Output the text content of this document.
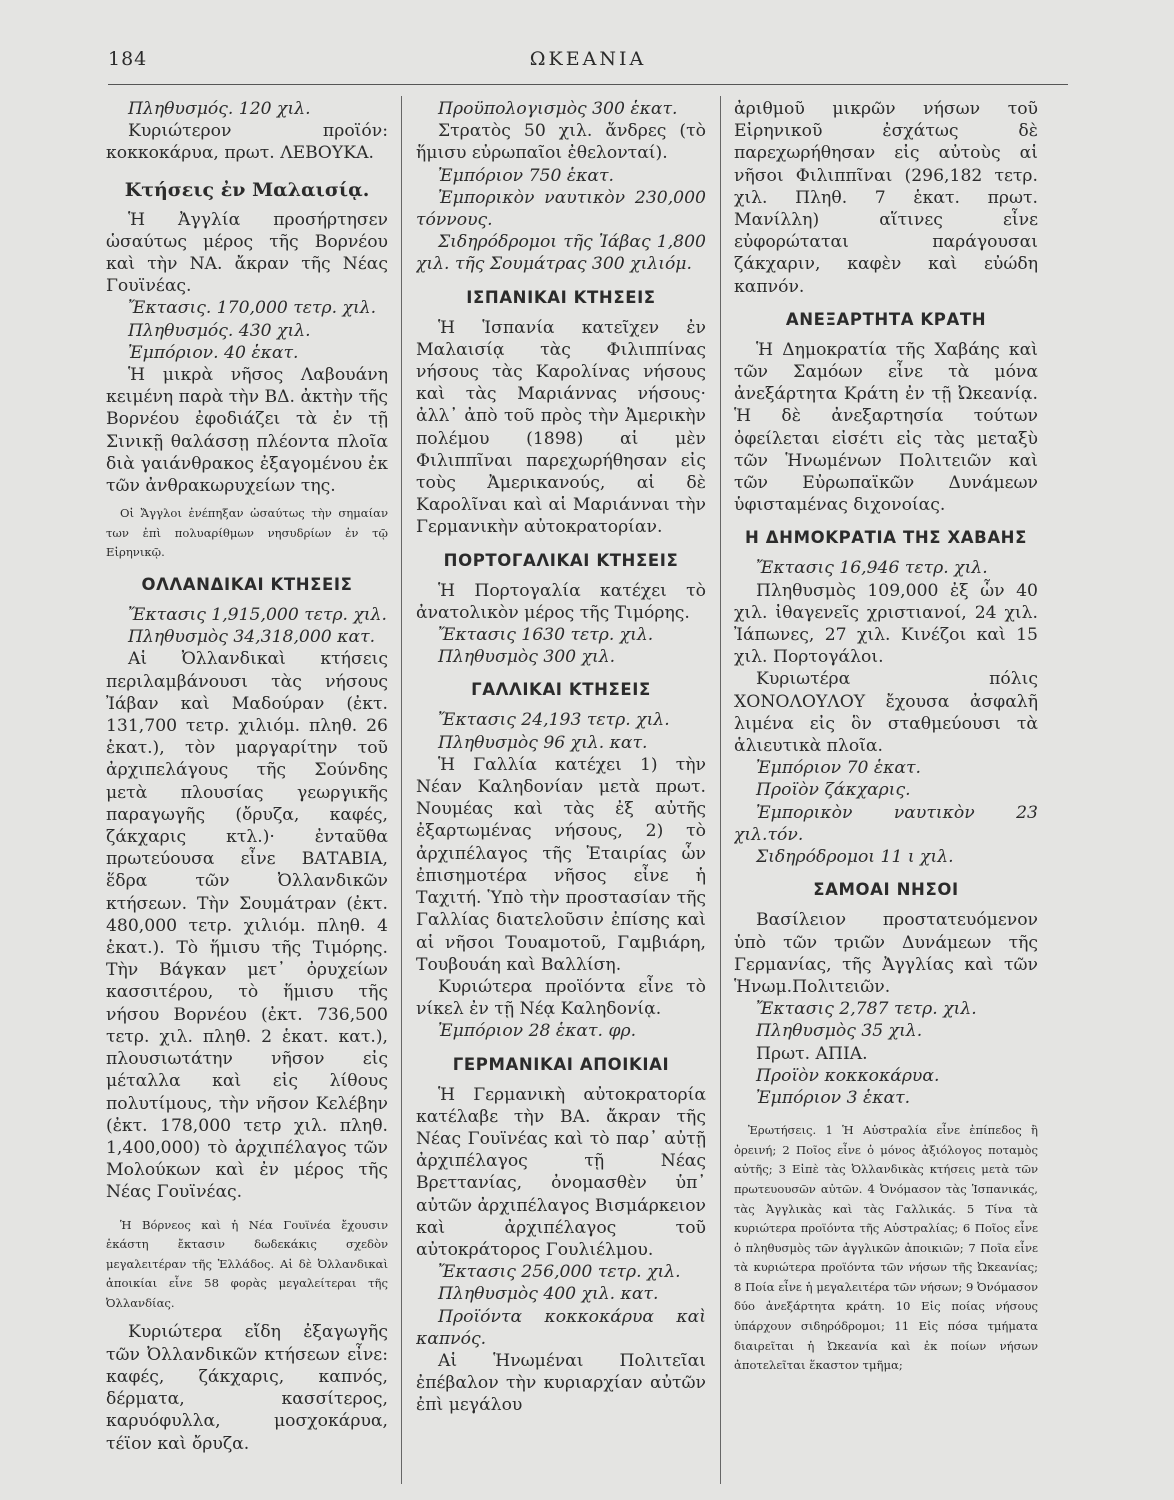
184	ΩΚΕΑΝΙΑ

Πληθυσμός. 120 χιλ.

Κυριώτερον προϊόν: κοκκοκάρυα, πρωτ. ΛΕΒΟΥΚΑ.

Κτήσεις ἐν Μαλαισίᾳ.

Ἡ Ἀγγλία προσήρτησεν ὡσαύτως μέρος τῆς Βορνέου καὶ τὴν ΝΑ. ἄκραν τῆς Νέας Γουϊνέας.

Ἔκτασις. 170,000 τετρ. χιλ.

Πληθυσμός. 430 χιλ.

Ἐμπόριον. 40 ἑκατ.

Ἡ μικρὰ νῆσος Λαβουάνη κειμένη παρὰ τὴν ΒΔ. ἀκτὴν τῆς Βορνέου ἐφοδιάζει τὰ ἐν τῇ Σινικῇ θαλάσσῃ πλέοντα πλοῖα διὰ γαιάνθρακος ἐξαγομένου ἐκ τῶν ἀνθρακωρυχείων της.

Οἱ Ἄγγλοι ἐνέπηξαν ὡσαύτως τὴν σημαίαν των ἐπὶ πολυαρίθμων νησυδρίων ἐν τῷ Εἰρηνικῷ.
ΟΛΛΑΝΔΙΚΑΙ ΚΤΗΣΕΙΣ

Ἔκτασις 1,915,000 τετρ. χιλ.

Πληθυσμὸς 34,318,000 κατ.

Αἱ Ὀλλανδικαὶ κτήσεις περιλαμβάνουσι τὰς νήσους Ἰάβαν καὶ Μαδούραν (ἐκτ. 131,700 τετρ. χιλιόμ. πληθ. 26 ἑκατ.), τὸν μαργαρίτην τοῦ ἀρχιπελάγους τῆς Σούνδης μετὰ πλουσίας γεωργικῆς παραγωγῆς (ὄρυζα, καφές, ζάκχαρις κτλ.)· ἐνταῦθα πρωτεύουσα εἶνε ΒΑΤΑΒΙΑ, ἕδρα τῶν Ὀλλανδικῶν κτήσεων. Τὴν Σουμάτραν (ἐκτ. 480,000 τετρ. χιλιόμ. πληθ. 4 ἑκατ.). Τὸ ἥμισυ τῆς Τιμόρης. Τὴν Βάγκαν μετ᾽ ὀρυχείων κασσιτέρου, τὸ ἥμισυ τῆς νήσου Βορνέου (ἐκτ. 736,500 τετρ. χιλ. πληθ. 2 ἑκατ. κατ.), πλουσιωτάτην νῆσον εἰς μέταλλα καὶ εἰς λίθους πολυτίμους, τὴν νῆσον Κελέβην (ἐκτ. 178,000 τετρ χιλ. πληθ. 1,400,000) τὸ ἀρχιπέλαγος τῶν Μολούκων καὶ ἐν μέρος τῆς Νέας Γουϊνέας.

Ἡ Βόρνεος καὶ ἡ Νέα Γουϊνέα ἔχουσιν ἑκάστη ἔκτασιν δωδεκάκις σχεδὸν μεγαλειτέραν τῆς Ἑλλάδος. Αἱ δὲ Ὀλλανδικαὶ ἀποικίαι εἶνε 58 φορὰς μεγαλείτεραι τῆς Ὀλλανδίας.

Κυριώτερα εἴδη ἐξαγωγῆς τῶν Ὀλλανδικῶν κτήσεων εἶνε: καφές, ζάκχαρις, καπνός, δέρματα, κασσίτερος, καρυόφυλλα, μοσχοκάρυα, τέϊον καὶ ὄρυζα.

Προϋπολογισμὸς 300 ἑκατ.

Στρατὸς 50 χιλ. ἄνδρες (τὸ ἥμισυ εὐρωπαῖοι ἐθελονταί).

Ἐμπόριον 750 ἑκατ.

Ἐμπορικὸν ναυτικὸν 230,000 τόννους.

Σιδηρόδρομοι τῆς Ἰάβας 1,800 χιλ. τῆς Σουμάτρας 300 χιλιόμ.

ΙΣΠΑΝΙΚΑΙ ΚΤΗΣΕΙΣ

Ἡ Ἱσπανία κατεῖχεν ἐν Μαλαισίᾳ τὰς Φιλιππίνας νήσους τὰς Καρολίνας νήσους καὶ τὰς Μαριάννας νήσους· ἀλλ᾽ ἀπὸ τοῦ πρὸς τὴν Ἀμερικὴν πολέμου (1898) αἱ μὲν Φιλιππῖναι παρεχωρήθησαν εἰς τοὺς Ἀμερικανούς, αἱ δὲ Καρολῖναι καὶ αἱ Μαριάνναι τὴν Γερμανικὴν αὐτοκρατορίαν.

ΠΟΡΤΟΓΑΛΙΚΑΙ ΚΤΗΣΕΙΣ

Ἡ Πορτογαλία κατέχει τὸ ἀνατολικὸν μέρος τῆς Τιμόρης.

Ἔκτασις 1630 τετρ. χιλ.

Πληθυσμὸς 300 χιλ.

ΓΑΛΛΙΚΑΙ ΚΤΗΣΕΙΣ

Ἔκτασις 24,193 τετρ. χιλ.

Πληθυσμὸς 96 χιλ. κατ.

Ἡ Γαλλία κατέχει 1) τὴν Νέαν Καληδονίαν μετὰ πρωτ. Νουμέας καὶ τὰς ἐξ αὐτῆς ἐξαρτωμένας νήσους, 2) τὸ ἀρχιπέλαγος τῆς Ἑταιρίας ὧν ἐπισημοτέρα νῆσος εἶνε ἡ Ταχιτή. Ὑπὸ τὴν προστασίαν τῆς Γαλλίας διατελοῦσιν ἐπίσης καὶ αἱ νῆσοι Τουαμοτοῦ, Γαμβιάρη, Τουβουάη καὶ Βαλλίση.

Κυριώτερα προϊόντα εἶνε τὸ νίκελ ἐν τῇ Νέᾳ Καληδονίᾳ.

Ἐμπόριον 28 ἑκατ. φρ.

ΓΕΡΜΑΝΙΚΑΙ ΑΠΟΙΚΙΑΙ

Ἡ Γερμανικὴ αὐτοκρατορία κατέλαβε τὴν ΒΑ. ἄκραν τῆς Νέας Γουϊνέας καὶ τὸ παρ᾽ αὐτῇ ἀρχιπέλαγος τῇ Νέας Βρεττανίας, ὀνομασθὲν ὑπ᾽ αὐτῶν ἀρχιπέλαγος Βισμάρκειον καὶ ἀρχιπέλαγος τοῦ αὐτοκράτορος Γουλιέλμου.

Ἔκτασις 256,000 τετρ. χιλ.

Πληθυσμὸς 400 χιλ. κατ.

Προϊόντα κοκκοκάρυα καὶ καπνός.

Αἱ Ἡνωμέναι Πολιτεῖαι ἐπέβαλον τὴν κυριαρχίαν αὐτῶν ἐπὶ μεγάλου

ἀριθμοῦ μικρῶν νήσων τοῦ Εἰρηνικοῦ ἐσχάτως δὲ παρεχωρήθησαν εἰς αὐτοὺς αἱ νῆσοι Φιλιππῖναι (296,182 τετρ. χιλ. Πληθ. 7 ἑκατ. πρωτ. Μανίλλη) αἵτινες εἶνε εὐφορώταται παράγουσαι ζάκχαριν, καφὲν καὶ εὐώδη καπνόν.

ΑΝΕΞΑΡΤΗΤΑ ΚΡΑΤΗ

Ἡ Δημοκρατία τῆς Χαβάης καὶ τῶν Σαμόων εἶνε τὰ μόνα ἀνεξάρτητα Κράτη ἐν τῇ Ὠκεανίᾳ. Ἡ δὲ ἀνεξαρτησία τούτων ὀφείλεται εἰσέτι εἰς τὰς μεταξὺ τῶν Ἡνωμένων Πολιτειῶν καὶ τῶν Εὐρωπαϊκῶν Δυνάμεων ὑφισταμένας διχονοίας.

Η ΔΗΜΟΚΡΑΤΙΑ ΤΗΣ ΧΑΒΑΗΣ

Ἔκτασις 16,946 τετρ. χιλ.

Πληθυσμὸς 109,000 ἐξ ὧν 40 χιλ. ἰθαγενεῖς χριστιανοί, 24 χιλ. Ἰάπωνες, 27 χιλ. Κινέζοι καὶ 15 χιλ. Πορτογάλοι.

Κυριωτέρα πόλις ΧΟΝΟΛΟΥΛΟΥ ἔχουσα ἀσφαλῆ λιμένα εἰς ὃν σταθμεύουσι τὰ ἁλιευτικὰ πλοῖα.

Ἐμπόριον 70 ἑκατ.

Προϊὸν ζάκχαρις.

Ἐμπορικὸν ναυτικὸν 23 χιλ.τόν.

Σιδηρόδρομοι 11 ι χιλ.

ΣΑΜΟΑΙ ΝΗΣΟΙ

Βασίλειον προστατευόμενον ὑπὸ τῶν τριῶν Δυνάμεων τῆς Γερμανίας, τῆς Ἀγγλίας καὶ τῶν Ἡνωμ.Πολιτειῶν.

Ἔκτασις 2,787 τετρ. χιλ.

Πληθυσμὸς 35 χιλ.

Πρωτ. ΑΠΙΑ.

Προϊὸν κοκκοκάρυα.

Ἐμπόριον 3 ἑκατ.

Ἐρωτήσεις. 1 Ἡ Αὐστραλία εἶνε ἐπίπεδος ἢ ὀρεινή; 2 Ποῖος εἶνε ὁ μόνος ἀξιόλογος ποταμὸς αὐτῆς; 3 Εἰπὲ τὰς Ὀλλανδικὰς κτήσεις μετὰ τῶν πρωτευουσῶν αὐτῶν. 4 Ὀνόμασον τὰς Ἱσπανικάς, τὰς Ἀγγλικὰς καὶ τὰς Γαλλικάς. 5 Τίνα τὰ κυριώτερα προϊόντα τῆς Αὐστραλίας; 6 Ποῖος εἶνε ὁ πληθυσμὸς τῶν ἀγγλικῶν ἀποικιῶν; 7 Ποῖα εἶνε τὰ κυριώτερα προϊόντα τῶν νήσων τῆς Ὠκεανίας; 8 Ποία εἶνε ἡ μεγαλειτέρα τῶν νήσων; 9 Ὀνόμασον δύο ἀνεξάρτητα κράτη. 10 Εἰς ποίας νήσους ὑπάρχουν σιδηρόδρομοι; 11 Εἰς πόσα τμήματα διαιρεῖται ἡ Ὠκεανία καὶ ἐκ ποίων νήσων ἀποτελεῖται ἕκαστον τμῆμα;
